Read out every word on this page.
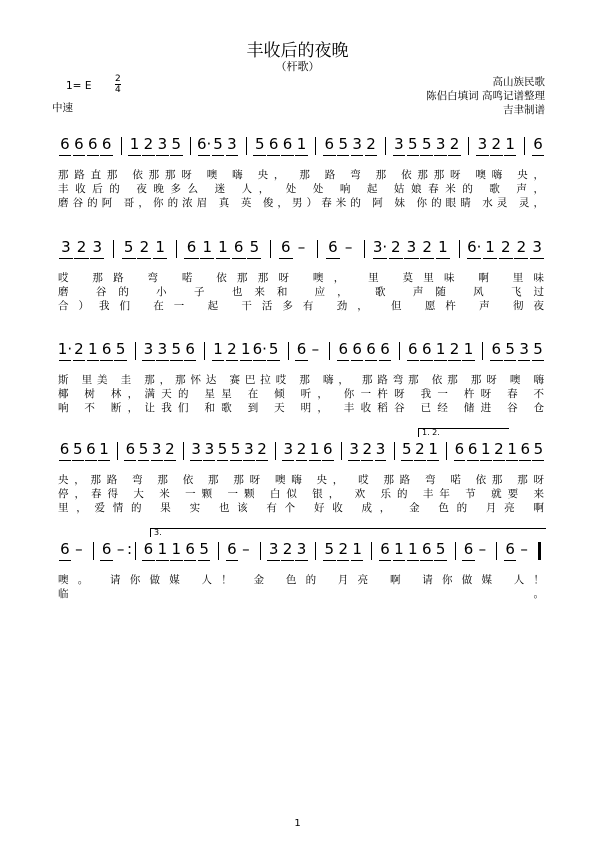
丰收后的夜晚
（杆歌）
1= E
2
4
中速
高山族民歌
陈侣白填词 高鸣记谱整理
吉聿制谱
6 6 6 6 1 2 3 5 6· 5 3 5 6 6 1 6 5 3 2 3 5 5 3 2 3 2 1 6
那路直那 依那那呀 噢 嗨 央， 那 路 弯 那 依那那呀 噢嗨 央，
丰收后的 夜晚多么 迷 人， 处 处 响 起 姑娘春米的 歌 声，
磨谷的阿 哥，你的浓眉 真 英 俊，男）春米的 阿 妹 你的眼睛 水灵 灵，
3 2 3 5 2 1 6 1 1 6 5 6 – 6 – 3· 2 3 2 1 6· 1 2 2 3
哎 那路 弯 喏 依那那呀 噢， 里 莫里味 啊 里味
磨 谷的 小 子 也来和 应， 歌 声随 风 飞过
合）我们 在一 起 干活多有 劲， 但 愿杵 声 彻夜
1· 2 1 6 5 3 3 5 6 1 2 1 6· 5 6 – 6 6 6 6 6 6 1 2 1 6 5 3 5
斯 里美 圭 那，那怀达 赛巴拉哎 那 嗨， 那路弯那 依那 那呀 噢 嗨
椰 树 林，满天的 星星 在 倾 听， 你一杵呀 我一 杵呀 春 不
响 不 断，让我们 和歌 到 天 明， 丰收稻谷 已经 储进 谷 仓
6 5 6 1 6 5 3 2 3 3 5 5 3 2 3 2 1 6 3 2 3 5 2 1 6 6 1 2 1 6 5
央，那路 弯 那 依 那 那呀 噢嗨 央， 哎 那路 弯 喏 依那 那呀
停，春得 大 米 一颗 一颗 白似 银， 欢 乐的 丰年 节 就要 来
里，爱情的 果 实 也该 有个 好收 成， 金 色的 月亮 啊
6 – 6 – : 6 1 1 6 5 6 – 3 2 3 5 2 1 6 1 1 6 5 6 – 6 –
噢。 请你做媒 人！ 金 色的 月亮 啊 请你做媒 人！
临。
1. 2.
3.
1
